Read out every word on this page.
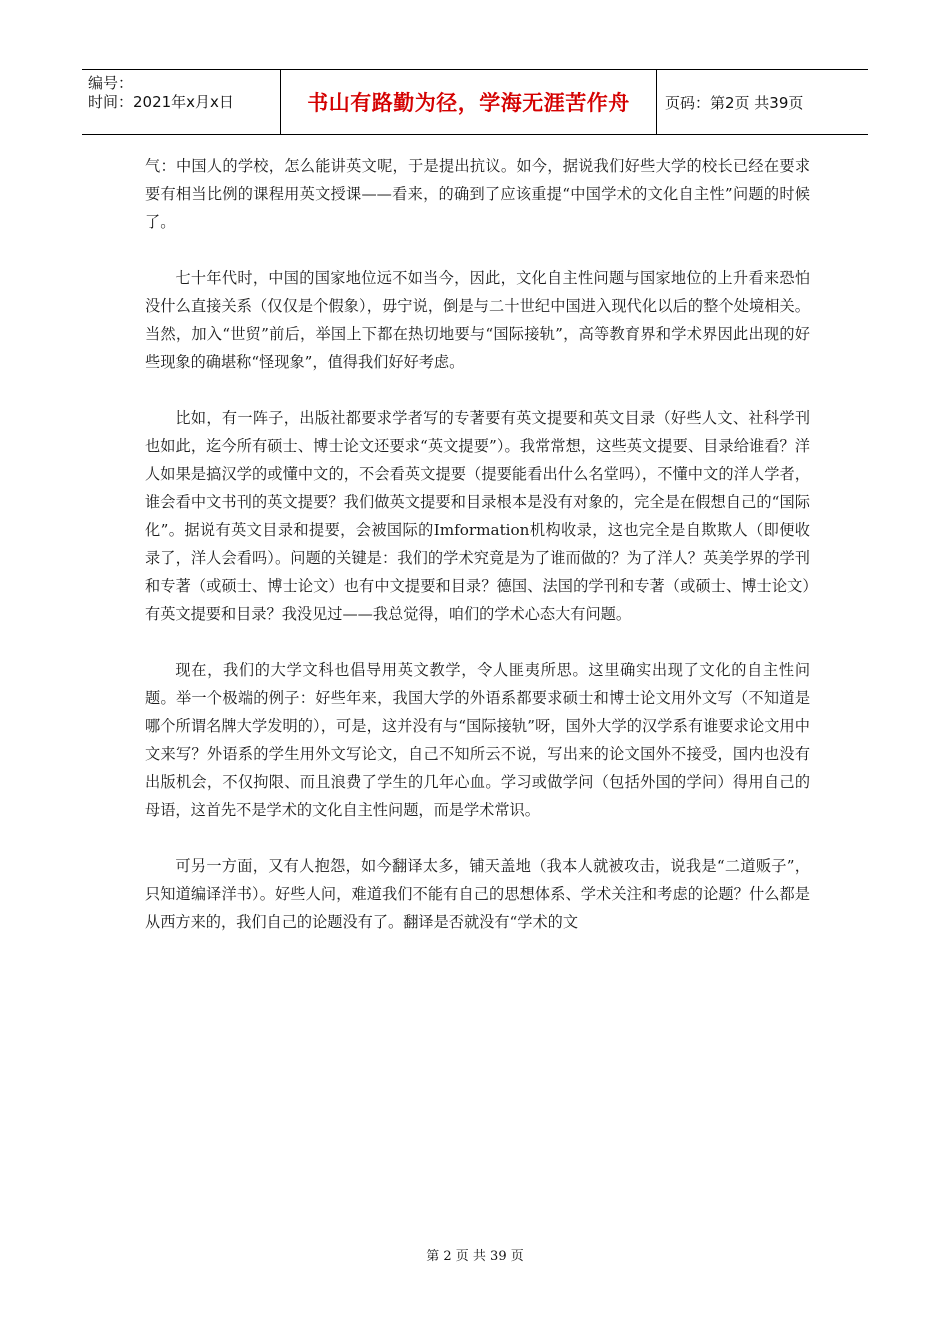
编号：
时间：2021年x月x日	书山有路勤为径，学海无涯苦作舟 页码：第2页 共39页

气：中国人的学校，怎么能讲英文呢，于是提出抗议。如今，据说我们好些大学的校长已经在要求要有相当比例的课程用英文授课——看来，的确到了应该重提“中国学术的文化自主性”问题的时候了。

七十年代时，中国的国家地位远不如当今，因此，文化自主性问题与国家地位的上升看来恐怕没什么直接关系（仅仅是个假象），毋宁说，倒是与二十世纪中国进入现代化以后的整个处境相关。当然，加入“世贸”前后，举国上下都在热切地要与“国际接轨”，高等教育界和学术界因此出现的好些现象的确堪称“怪现象”，值得我们好好考虑。

比如，有一阵子，出版社都要求学者写的专著要有英文提要和英文目录（好些人文、社科学刊也如此，迄今所有硕士、博士论文还要求“英文提要”）。我常常想，这些英文提要、目录给谁看？洋人如果是搞汉学的或懂中文的，不会看英文提要（提要能看出什么名堂吗），不懂中文的洋人学者，谁会看中文书刊的英文提要？我们做英文提要和目录根本是没有对象的，完全是在假想自己的“国际化”。据说有英文目录和提要，会被国际的Imformation机构收录，这也完全是自欺欺人（即便收录了，洋人会看吗）。问题的关键是：我们的学术究竟是为了谁而做的？为了洋人？英美学界的学刊和专著（或硕士、博士论文）也有中文提要和目录？德国、法国的学刊和专著（或硕士、博士论文）有英文提要和目录？我没见过——我总觉得，咱们的学术心态大有问题。

现在，我们的大学文科也倡导用英文教学，令人匪夷所思。这里确实出现了文化的自主性问题。举一个极端的例子：好些年来，我国大学的外语系都要求硕士和博士论文用外文写（不知道是哪个所谓名牌大学发明的），可是，这并没有与“国际接轨”呀，国外大学的汉学系有谁要求论文用中文来写？外语系的学生用外文写论文，自己不知所云不说，写出来的论文国外不接受，国内也没有出版机会，不仅拘限、而且浪费了学生的几年心血。学习或做学问（包括外国的学问）得用自己的母语，这首先不是学术的文化自主性问题，而是学术常识。

可另一方面，又有人抱怨，如今翻译太多，铺天盖地（我本人就被攻击，说我是“二道贩子”，只知道编译洋书）。好些人问，难道我们不能有自己的思想体系、学术关注和考虑的论题？什么都是从西方来的，我们自己的论题没有了。翻译是否就没有“学术的文

第 2 页 共 39 页
